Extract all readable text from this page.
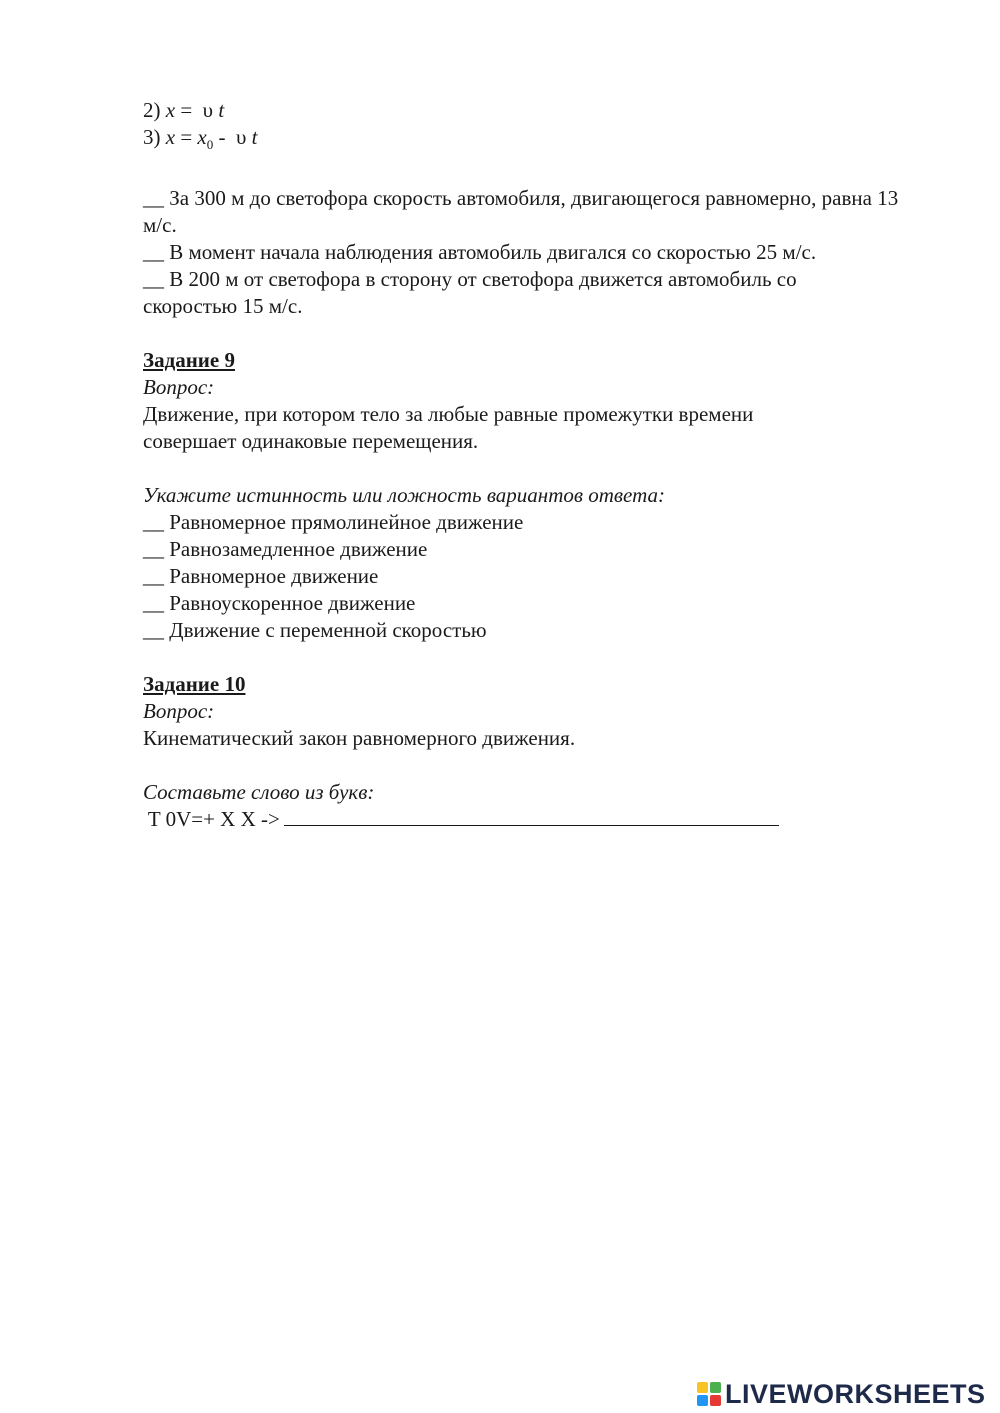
2) x =  υ t
3) $x = x_0 - \upsilon$ t
__ За 300 м до светофора скорость автомобиля, двигающегося равномерно, равна 13 м/с.
__ В момент начала наблюдения автомобиль двигался со скоростью 25 м/с.
__ В 200 м от светофора в сторону от светофора движется автомобиль со скоростью 15 м/с.
Задание 9
Вопрос:
Движение, при котором тело за любые равные промежутки времени
совершает одинаковые перемещения.
Укажите истинность или ложность вариантов ответа:
__ Равномерное прямолинейное движение
__ Равнозамедленное движение
__ Равномерное движение
__ Равноускоренное движение
__ Движение с переменной скоростью
Задание 10
Вопрос:
Кинематический закон равномерного движения.
Составьте слово из букв:
T 0V=+ X X ->
LIVEWORKSHEETS
